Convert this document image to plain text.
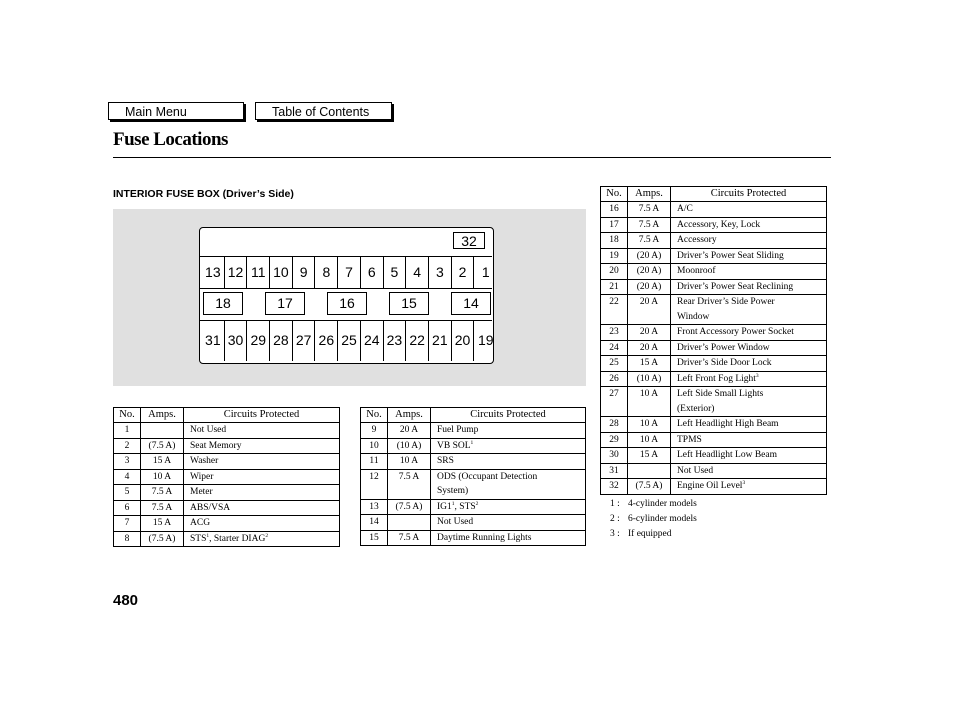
Main Menu	Table of Contents
Fuse Locations
INTERIOR FUSE BOX (Driver’s Side)
32
13 12 11 10 9	8	7	6	5	4	3	2	1
18	17	16	15	14
31 30 29 28 27 26 25 24 23 22 21 20 19
No.	Amps.	Circuits Protected
1		Not Used
2	(7.5 A)	Seat Memory
3	15 A	Washer
4	10 A	Wiper
5	7.5 A	Meter
6	7.5 A	ABS/VSA
7	15 A	ACG
8	(7.5 A)	STS$^1$, Starter DIAG$^2$
No.	Amps.	Circuits Protected
9	20 A	Fuel Pump
10	(10 A)	VB SOL$^1$
11	10 A	SRS
12	7.5 A	ODS (Occupant Detection
System)
13	(7.5 A)	$IG1^1$, STS$^2$
14		Not Used
15	7.5 A	Daytime Running Lights
No.	Amps.	Circuits Protected
16	7.5 A	A/C
17	7.5 A	Accessory, Key, Lock
18	7.5 A	Accessory
19	(20 A)	Driver’s Power Seat Sliding
20	(20 A)	Moonroof
21	(20 A)	Driver’s Power Seat Reclining
22	20 A	Rear Driver’s Side Power
Window
23	20 A	Front Accessory Power Socket
24	20 A	Driver’s Power Window
25	15 A	Driver’s Side Door Lock
26	(10 A)	Left Front Fog Light$^3$
27	10 A	Left Side Small Lights
(Exterior)
28	10 A	Left Headlight High Beam
29	10 A	TPMS
30	15 A	Left Headlight Low Beam
31		Not Used
32	(7.5 A)	Engine Oil Level$^3$
1 : 4-cylinder models
2 : 6-cylinder models
3 : If equipped
480
